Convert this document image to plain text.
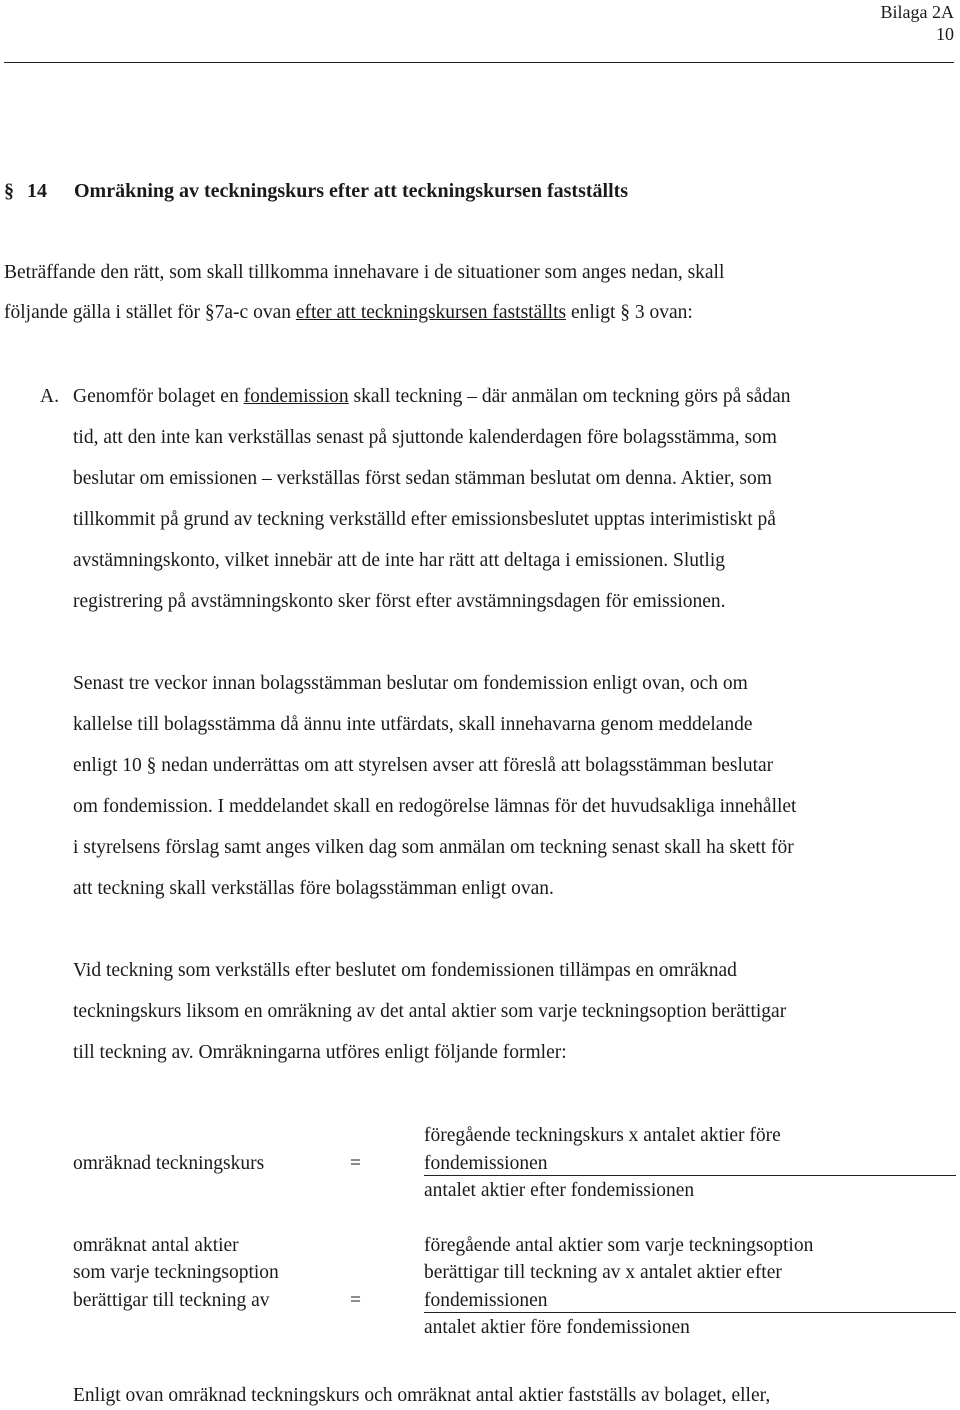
Bilaga 2A
10
§ 14 Omräkning av teckningskurs efter att teckningskursen fastställts
Beträffande den rätt, som skall tillkomma innehavare i de situationer som anges nedan, skall
följande gälla i stället för §7a-c ovan efter att teckningskursen fastställts enligt § 3 ovan:
A. Genomför bolaget en fondemission skall teckning – där anmälan om teckning görs på sådan
tid, att den inte kan verkställas senast på sjuttonde kalenderdagen före bolagsstämma, som
beslutar om emissionen – verkställas först sedan stämman beslutat om denna. Aktier, som
tillkommit på grund av teckning verkställd efter emissionsbeslutet upptas interimistiskt på
avstämningskonto, vilket innebär att de inte har rätt att deltaga i emissionen. Slutlig
registrering på avstämningskonto sker först efter avstämningsdagen för emissionen.
Senast tre veckor innan bolagsstämman beslutar om fondemission enligt ovan, och om
kallelse till bolagsstämma då ännu inte utfärdats, skall innehavarna genom meddelande
enligt 10 § nedan underrättas om att styrelsen avser att föreslå att bolagsstämman beslutar
om fondemission. I meddelandet skall en redogörelse lämnas för det huvudsakliga innehållet
i styrelsens förslag samt anges vilken dag som anmälan om teckning senast skall ha skett för
att teckning skall verkställas före bolagsstämman enligt ovan.
Vid teckning som verkställs efter beslutet om fondemissionen tillämpas en omräknad
teckningskurs liksom en omräkning av det antal aktier som varje teckningsoption berättigar
till teckning av. Omräkningarna utföres enligt följande formler:
föregående teckningskurs x antalet aktier före
omräknad teckningskurs	=	fondemissionen
antalet aktier efter fondemissionen
omräknat antal aktier
som varje teckningsoption
berättigar till teckning av	=
föregående antal aktier som varje teckningsoption
berättigar till teckning av x antalet aktier efter
fondemissionen
antalet aktier före fondemissionen
Enligt ovan omräknad teckningskurs och omräknat antal aktier fastställs av bolaget, eller,
